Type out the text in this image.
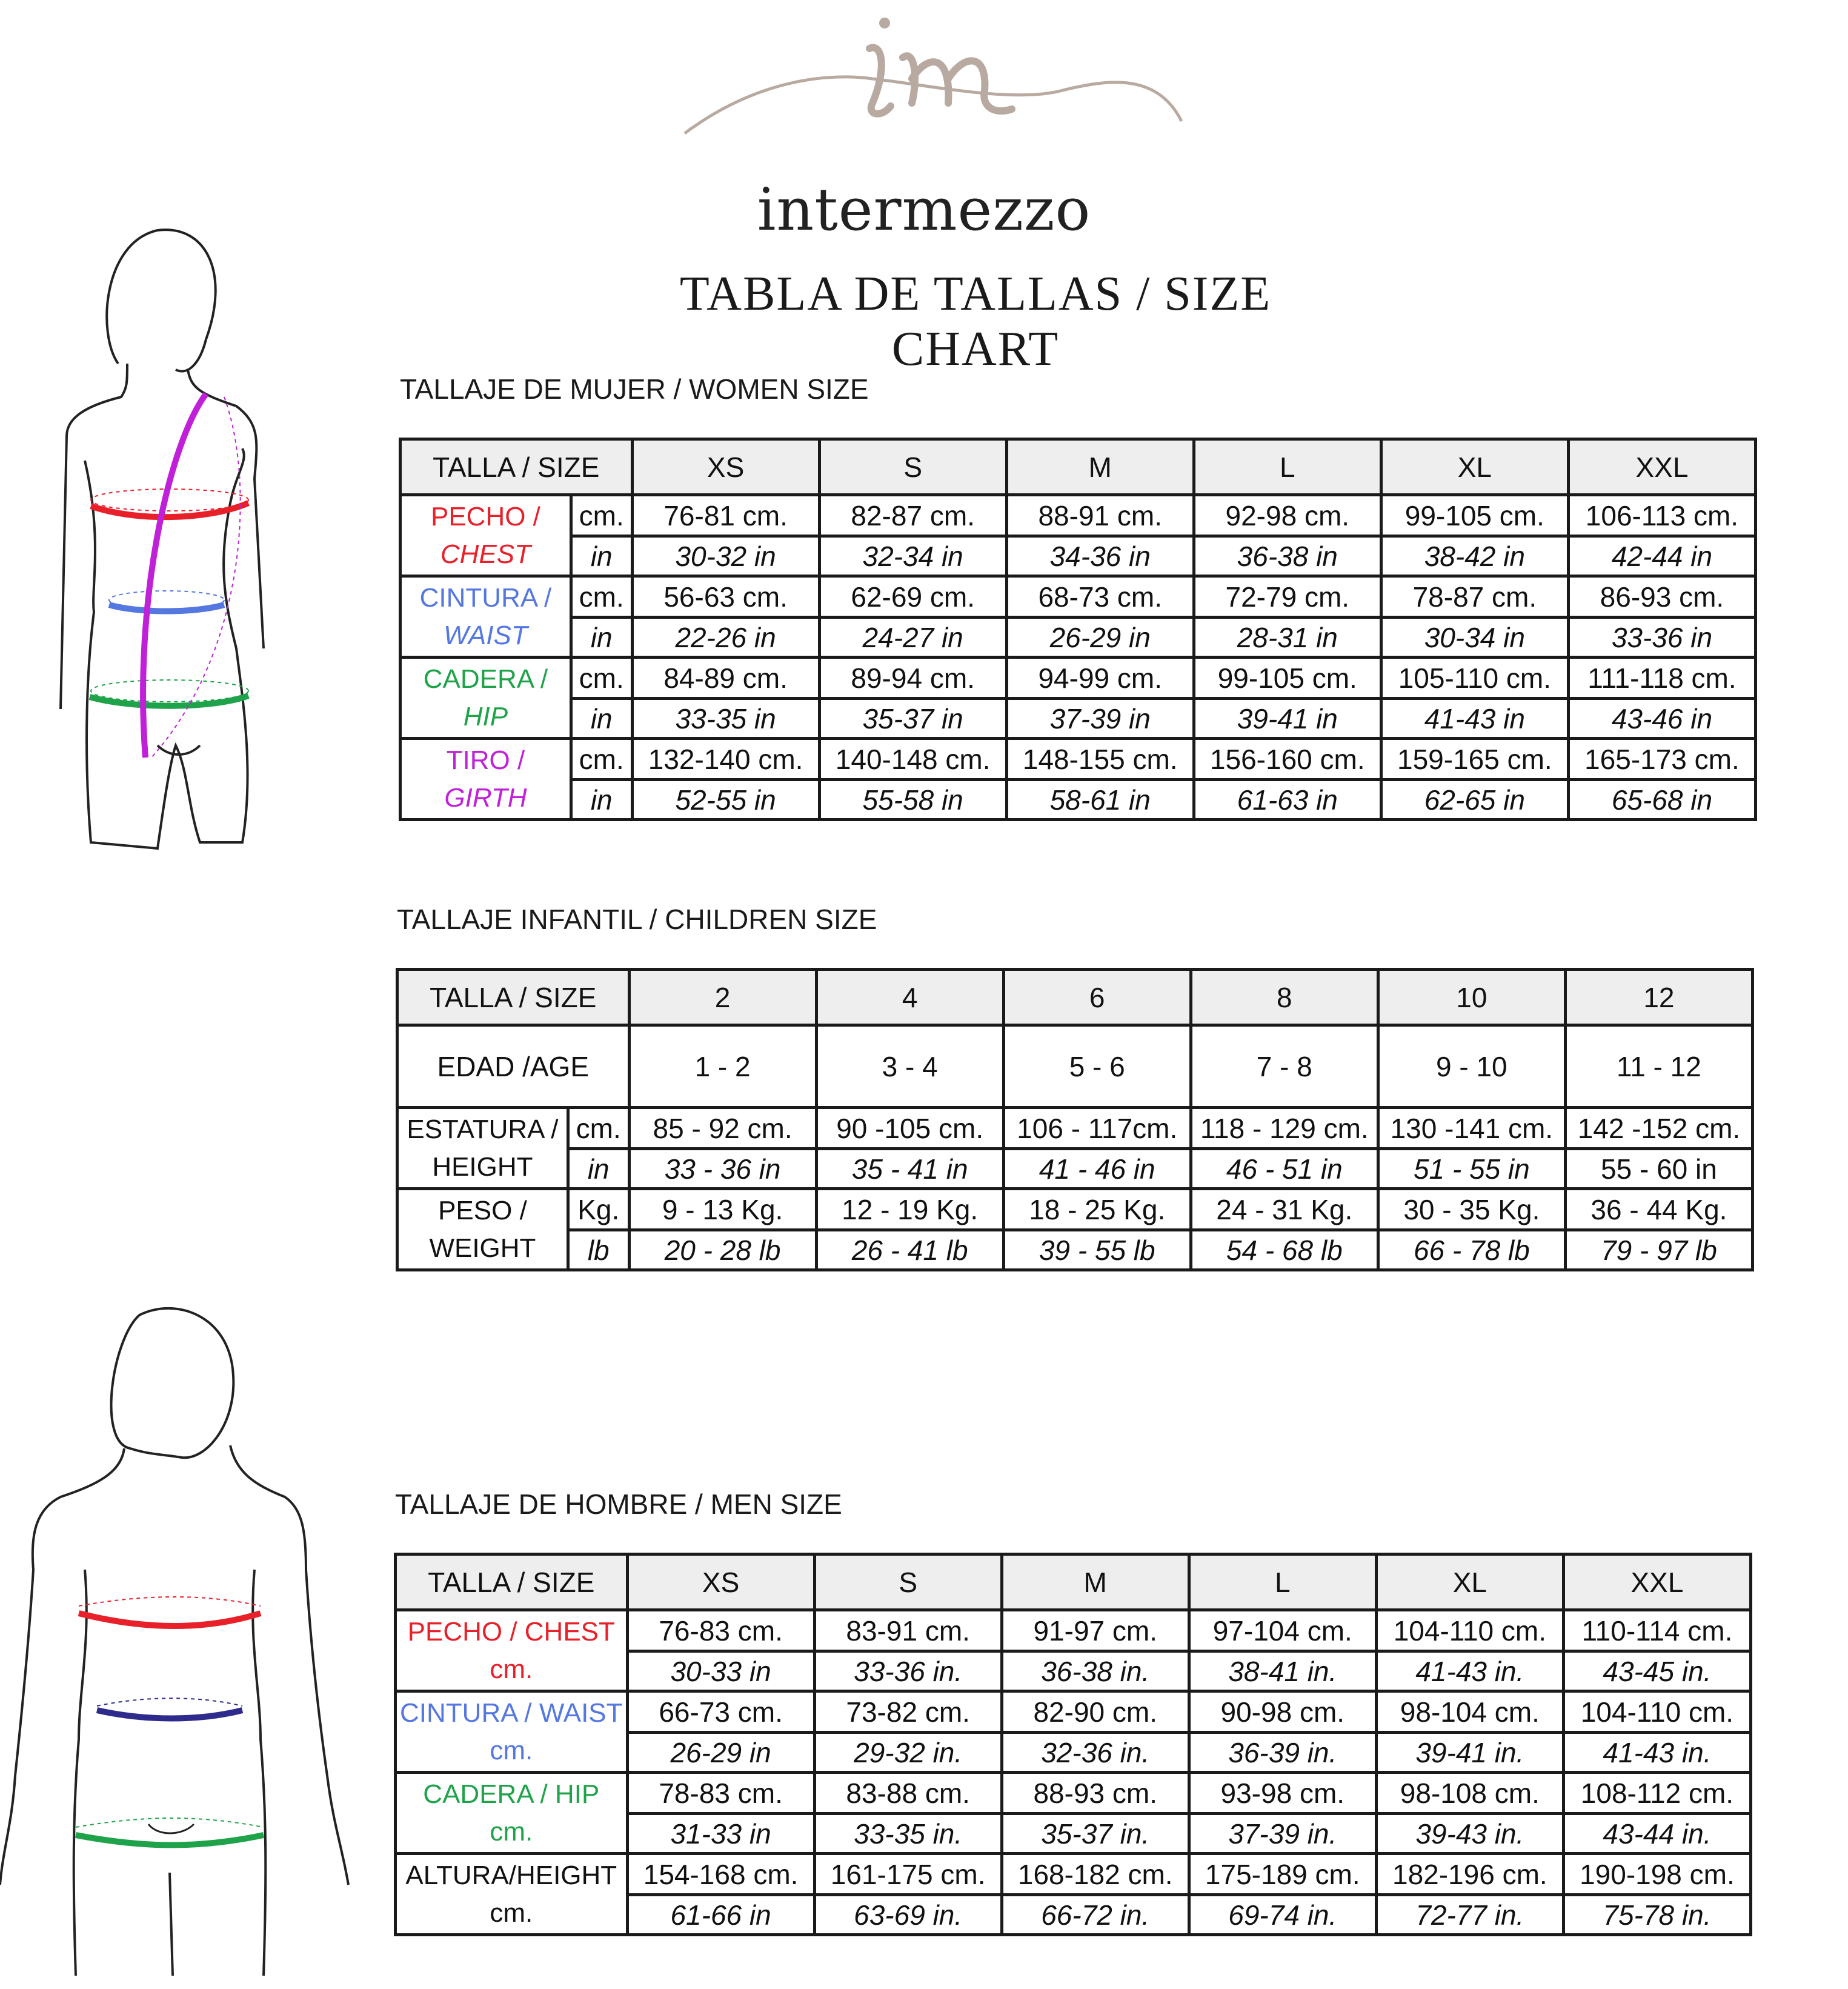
intermezzo
TABLA DE TALLAS / SIZE CHART
TALLAJE DE MUJER / WOMEN SIZE
TALLA / SIZE		XS	S	M	L	XL	XXL
PECHO /
CHEST	cm.	76-81 cm.	82-87 cm.	88-91 cm.	92-98 cm.	99-105 cm.	106-113 cm.
	in	30-32 in	32-34 in	34-36 in	36-38 in	38-42 in	42-44 in
CINTURA /
WAIST	cm.	56-63 cm.	62-69 cm.	68-73 cm.	72-79 cm.	78-87 cm.	86-93 cm.
	in	22-26 in	24-27 in	26-29 in	28-31 in	30-34 in	33-36 in
CADERA /
HIP	cm.	84-89 cm.	89-94 cm.	94-99 cm.	99-105 cm.	105-110 cm.	111-118 cm.
	in	33-35 in	35-37 in	37-39 in	39-41 in	41-43 in	43-46 in
TIRO /
GIRTH	cm.	132-140 cm.	140-148 cm.	148-155 cm.	156-160 cm.	159-165 cm.	165-173 cm.
	in	52-55 in	55-58 in	58-61 in	61-63 in	62-65 in	65-68 in
TALLAJE INFANTIL / CHILDREN SIZE
TALLA / SIZE		2	4	6	8	10	12
EDAD /AGE		1 - 2	3 - 4	5 - 6	7 - 8	9 - 10	11 - 12
ESTATURA /
HEIGHT	cm.	85 - 92 cm.	90 -105 cm.	106 - 117cm.	118 - 129 cm.	130 -141 cm.	142 -152 cm.
	in	33 - 36 in	35 - 41 in	41 - 46 in	46 - 51 in	51 - 55 in	55 - 60 in
PESO /
WEIGHT	Kg.	9 - 13 Kg.	12 - 19 Kg.	18 - 25 Kg.	24 - 31 Kg.	30 - 35 Kg.	36 - 44 Kg.
	lb	20 - 28 lb	26 - 41 lb	39 - 55 lb	54 - 68 lb	66 - 78 lb	79 - 97 lb
TALLAJE DE HOMBRE / MEN SIZE
TALLA / SIZE	XS	S	M	L	XL	XXL
PECHO / CHEST
cm.	76-83 cm.	83-91 cm.	91-97 cm.	97-104 cm.	104-110 cm.	110-114 cm.
	30-33 in	33-36 in.	36-38 in.	38-41 in.	41-43 in.	43-45 in.
CINTURA / WAIST
cm.	66-73 cm.	73-82 cm.	82-90 cm.	90-98 cm.	98-104 cm.	104-110 cm.
	26-29 in	29-32 in.	32-36 in.	36-39 in.	39-41 in.	41-43 in.
CADERA / HIP
cm.	78-83 cm.	83-88 cm.	88-93 cm.	93-98 cm.	98-108 cm.	108-112 cm.
	31-33 in	33-35 in.	35-37 in.	37-39 in.	39-43 in.	43-44 in.
ALTURA/HEIGHT
cm.	154-168 cm.	161-175 cm.	168-182 cm.	175-189 cm.	182-196 cm.	190-198 cm.
	61-66 in	63-69 in.	66-72 in.	69-74 in.	72-77 in.	75-78 in.
